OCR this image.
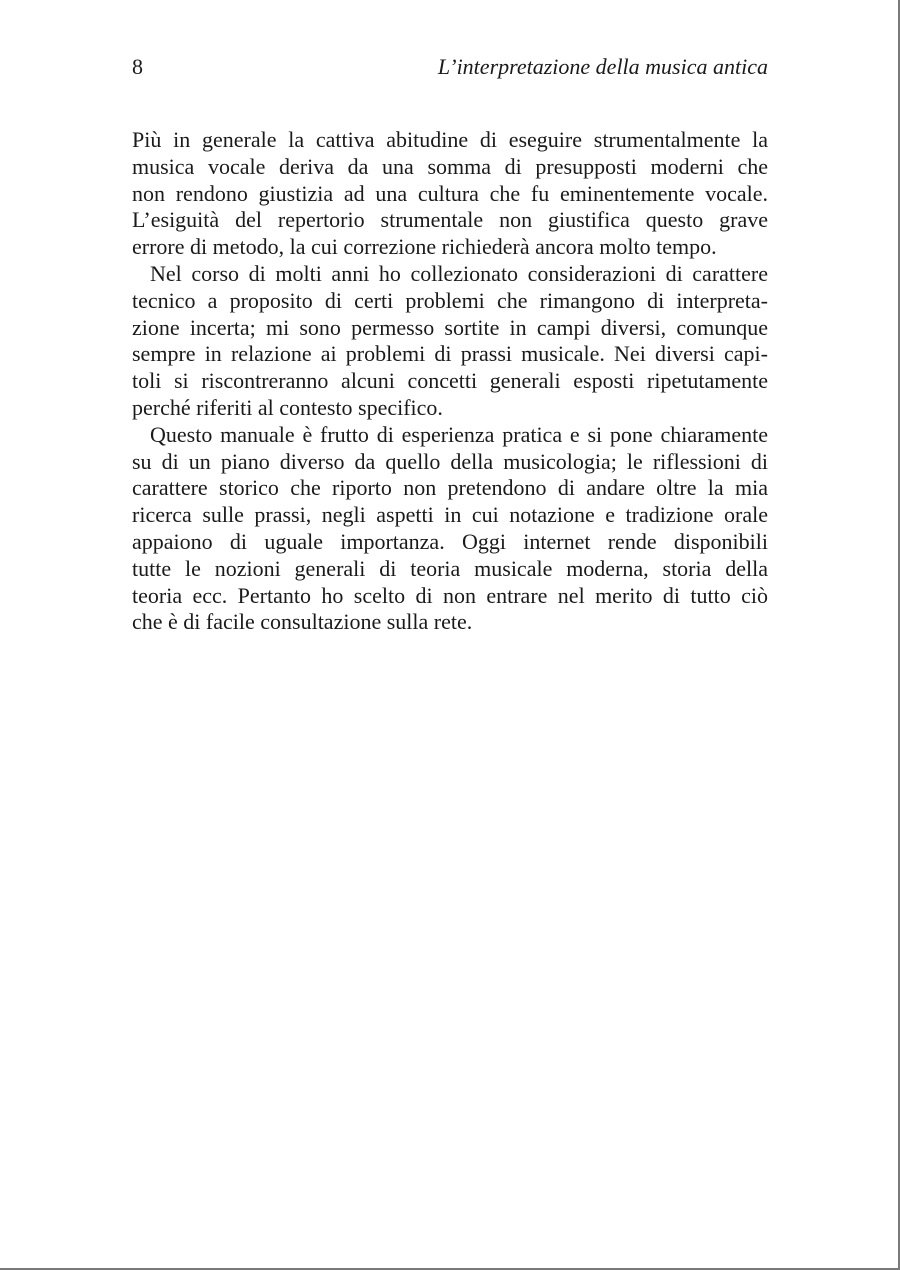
8	L’interpretazione della musica antica
Più in generale la cattiva abitudine di eseguire strumentalmente la
musica vocale deriva da una somma di presupposti moderni che
non rendono giustizia ad una cultura che fu eminentemente vocale.
L’esiguità del repertorio strumentale non giustifica questo grave
errore di metodo, la cui correzione richiederà ancora molto tempo.
Nel corso di molti anni ho collezionato considerazioni di carattere
tecnico a proposito di certi problemi che rimangono di interpreta-
zione incerta; mi sono permesso sortite in campi diversi, comunque
sempre in relazione ai problemi di prassi musicale. Nei diversi capi-
toli si riscontreranno alcuni concetti generali esposti ripetutamente
perché riferiti al contesto specifico.
Questo manuale è frutto di esperienza pratica e si pone chiaramente
su di un piano diverso da quello della musicologia; le riflessioni di
carattere storico che riporto non pretendono di andare oltre la mia
ricerca sulle prassi, negli aspetti in cui notazione e tradizione orale
appaiono di uguale importanza. Oggi internet rende disponibili
tutte le nozioni generali di teoria musicale moderna, storia della
teoria ecc. Pertanto ho scelto di non entrare nel merito di tutto ciò
che è di facile consultazione sulla rete.
